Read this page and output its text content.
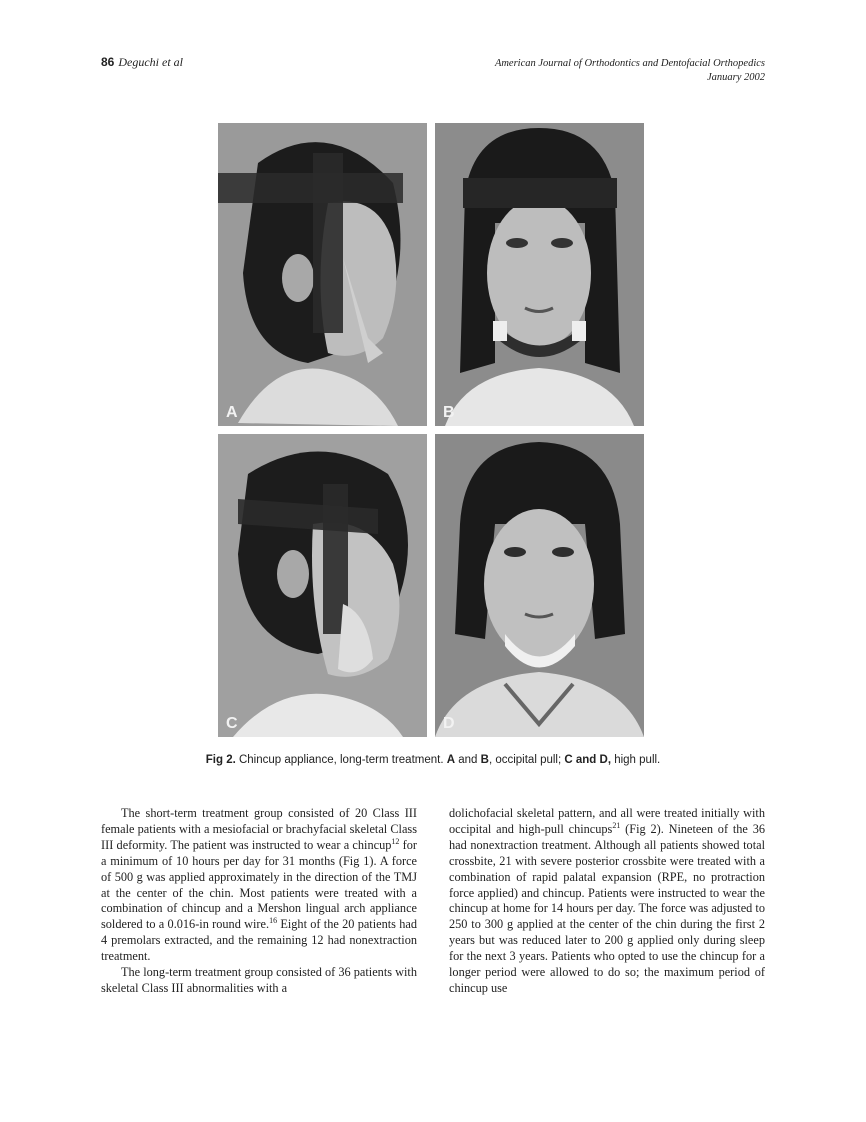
86 Deguchi et al	American Journal of Orthodontics and Dentofacial Orthopedics
January 2002
A	B
C	D
Fig 2. Chincup appliance, long-term treatment. A and B, occipital pull; C and D, high pull.

The short-term treatment group consisted of 20 Class III female patients with a mesiofacial or brachyfacial skeletal Class III deformity. The patient was instructed to wear a chincup$^{12}$ for a minimum of 10 hours per day for 31 months (Fig 1). A force of 500 g was applied approximately in the direction of the TMJ at the center of the chin. Most patients were treated with a combination of chincup and a Mershon lingual arch appliance soldered to a 0.016-in round wire.$^{16}$ Eight of the 20 patients had 4 premolars extracted, and the remaining 12 had nonextraction treatment.

The long-term treatment group consisted of 36 patients with skeletal Class III abnormalities with a

dolichofacial skeletal pattern, and all were treated initially with occipital and high-pull chincups$^{21}$ (Fig 2). Nineteen of the 36 had nonextraction treatment. Although all patients showed total crossbite, 21 with severe posterior crossbite were treated with a combination of rapid palatal expansion (RPE, no protraction force applied) and chincup. Patients were instructed to wear the chincup at home for 14 hours per day. The force was adjusted to 250 to 300 g applied at the center of the chin during the first 2 years but was reduced later to 200 g applied only during sleep for the next 3 years. Patients who opted to use the chincup for a longer period were allowed to do so; the maximum period of chincup use
